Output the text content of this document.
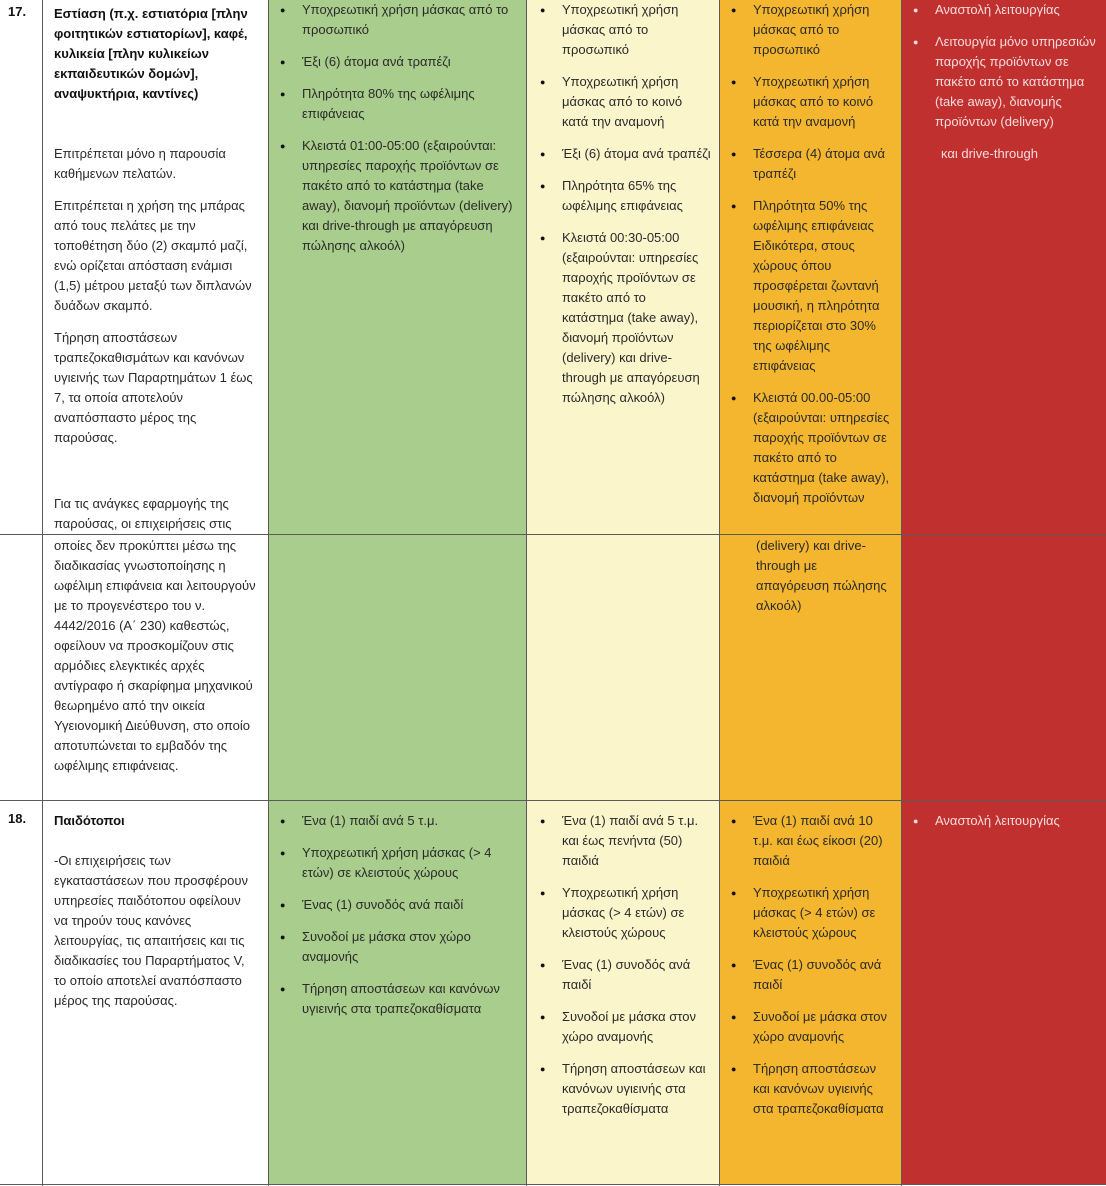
17.	Εστίαση (π.χ. εστιατόρια [πλην φοιτητικών εστιατορίων], καφέ, κυλικεία [πλην κυλικείων εκπαιδευτικών δομών], αναψυκτήρια, καντίνες)

Επιτρέπεται μόνο η παρουσία καθήμενων πελατών.

Επιτρέπεται η χρήση της μπάρας από τους πελάτες με την τοποθέτηση δύο (2) σκαμπό μαζί, ενώ ορίζεται απόσταση ενάμισι (1,5) μέτρου μεταξύ των διπλανών δυάδων σκαμπό.

Τήρηση αποστάσεων τραπεζοκαθισμάτων και κανόνων υγιεινής των Παραρτημάτων 1 έως 7, τα οποία αποτελούν αναπόσπαστο μέρος της παρούσας.

Για τις ανάγκες εφαρμογής της παρούσας, οι επιχειρήσεις στις

● Υποχρεωτική χρήση μάσκας από το προσωπικό
● Έξι (6) άτομα ανά τραπέζι
● Πληρότητα 80% της ωφέλιμης επιφάνειας
● Κλειστά 01:00-05:00 (εξαιρούνται: υπηρεσίες παροχής προϊόντων σε πακέτο από το κατάστημα (take away), διανομή προϊόντων (delivery) και drive-through με απαγόρευση πώλησης αλκοόλ)
● Υποχρεωτική χρήση μάσκας από το προσωπικό
● Υποχρεωτική χρήση μάσκας από το κοινό κατά την αναμονή
● Έξι (6) άτομα ανά τραπέζι
● Πληρότητα 65% της ωφέλιμης επιφάνειας
● Κλειστά 00:30-05:00 (εξαιρούνται: υπηρεσίες παροχής προϊόντων σε πακέτο από το κατάστημα (take away), διανομή προϊόντων (delivery) και drive-through με απαγόρευση πώλησης αλκοόλ)
● Υποχρεωτική χρήση μάσκας από το προσωπικό
● Υποχρεωτική χρήση μάσκας από το κοινό κατά την αναμονή
● Τέσσερα (4) άτομα ανά τραπέζι
● Πληρότητα 50% της ωφέλιμης επιφάνειας Ειδικότερα, στους χώρους όπου προσφέρεται ζωντανή μουσική, η πληρότητα περιορίζεται στο 30% της ωφέλιμης επιφάνειας
● Κλειστά 00.00-05:00 (εξαιρούνται: υπηρεσίες παροχής προϊόντων σε πακέτο από το κατάστημα (take away), διανομή προϊόντων
● Αναστολή λειτουργίας
● Λειτουργία μόνο υπηρεσιών παροχής προϊόντων σε πακέτο από το κατάστημα (take away), διανομής προϊόντων (delivery)
και drive-through

οποίες δεν προκύπτει μέσω της διαδικασίας γνωστοποίησης η ωφέλιμη επιφάνεια και λειτουργούν με το προγενέστερο του ν. 4442/2016 (Α΄ 230) καθεστώς, οφείλουν να προσκομίζουν στις αρμόδιες ελεγκτικές αρχές αντίγραφο ή σκαρίφημα μηχανικού θεωρημένο από την οικεία Υγειονομική Διεύθυνση, στο οποίο αποτυπώνεται το εμβαδόν της ωφέλιμης επιφάνειας.

(delivery) και drive-through με απαγόρευση πώλησης αλκοόλ)
18.	Παιδότοποι

-Οι επιχειρήσεις των εγκαταστάσεων που προσφέρουν υπηρεσίες παιδότοπου οφείλουν να τηρούν τους κανόνες λειτουργίας, τις απαιτήσεις και τις διαδικασίες του Παραρτήματος V, το οποίο αποτελεί αναπόσπαστο μέρος της παρούσας.

● Ένα (1) παιδί ανά 5 τ.μ.
● Υποχρεωτική χρήση μάσκας (> 4 ετών) σε κλειστούς χώρους
● Ένας (1) συνοδός ανά παιδί
● Συνοδοί με μάσκα στον χώρο αναμονής
● Τήρηση αποστάσεων και κανόνων υγιεινής στα τραπεζοκαθίσματα
● Ένα (1) παιδί ανά 5 τ.μ. και έως πενήντα (50) παιδιά
● Υποχρεωτική χρήση μάσκας (> 4 ετών) σε κλειστούς χώρους
● Ένας (1) συνοδός ανά παιδί
● Συνοδοί με μάσκα στον χώρο αναμονής
● Τήρηση αποστάσεων και κανόνων υγιεινής στα τραπεζοκαθίσματα
● Ένα (1) παιδί ανά 10 τ.μ. και έως είκοσι (20) παιδιά
● Υποχρεωτική χρήση μάσκας (> 4 ετών) σε κλειστούς χώρους
● Ένας (1) συνοδός ανά παιδί
● Συνοδοί με μάσκα στον χώρο αναμονής
● Τήρηση αποστάσεων και κανόνων υγιεινής στα τραπεζοκαθίσματα
● Αναστολή λειτουργίας
